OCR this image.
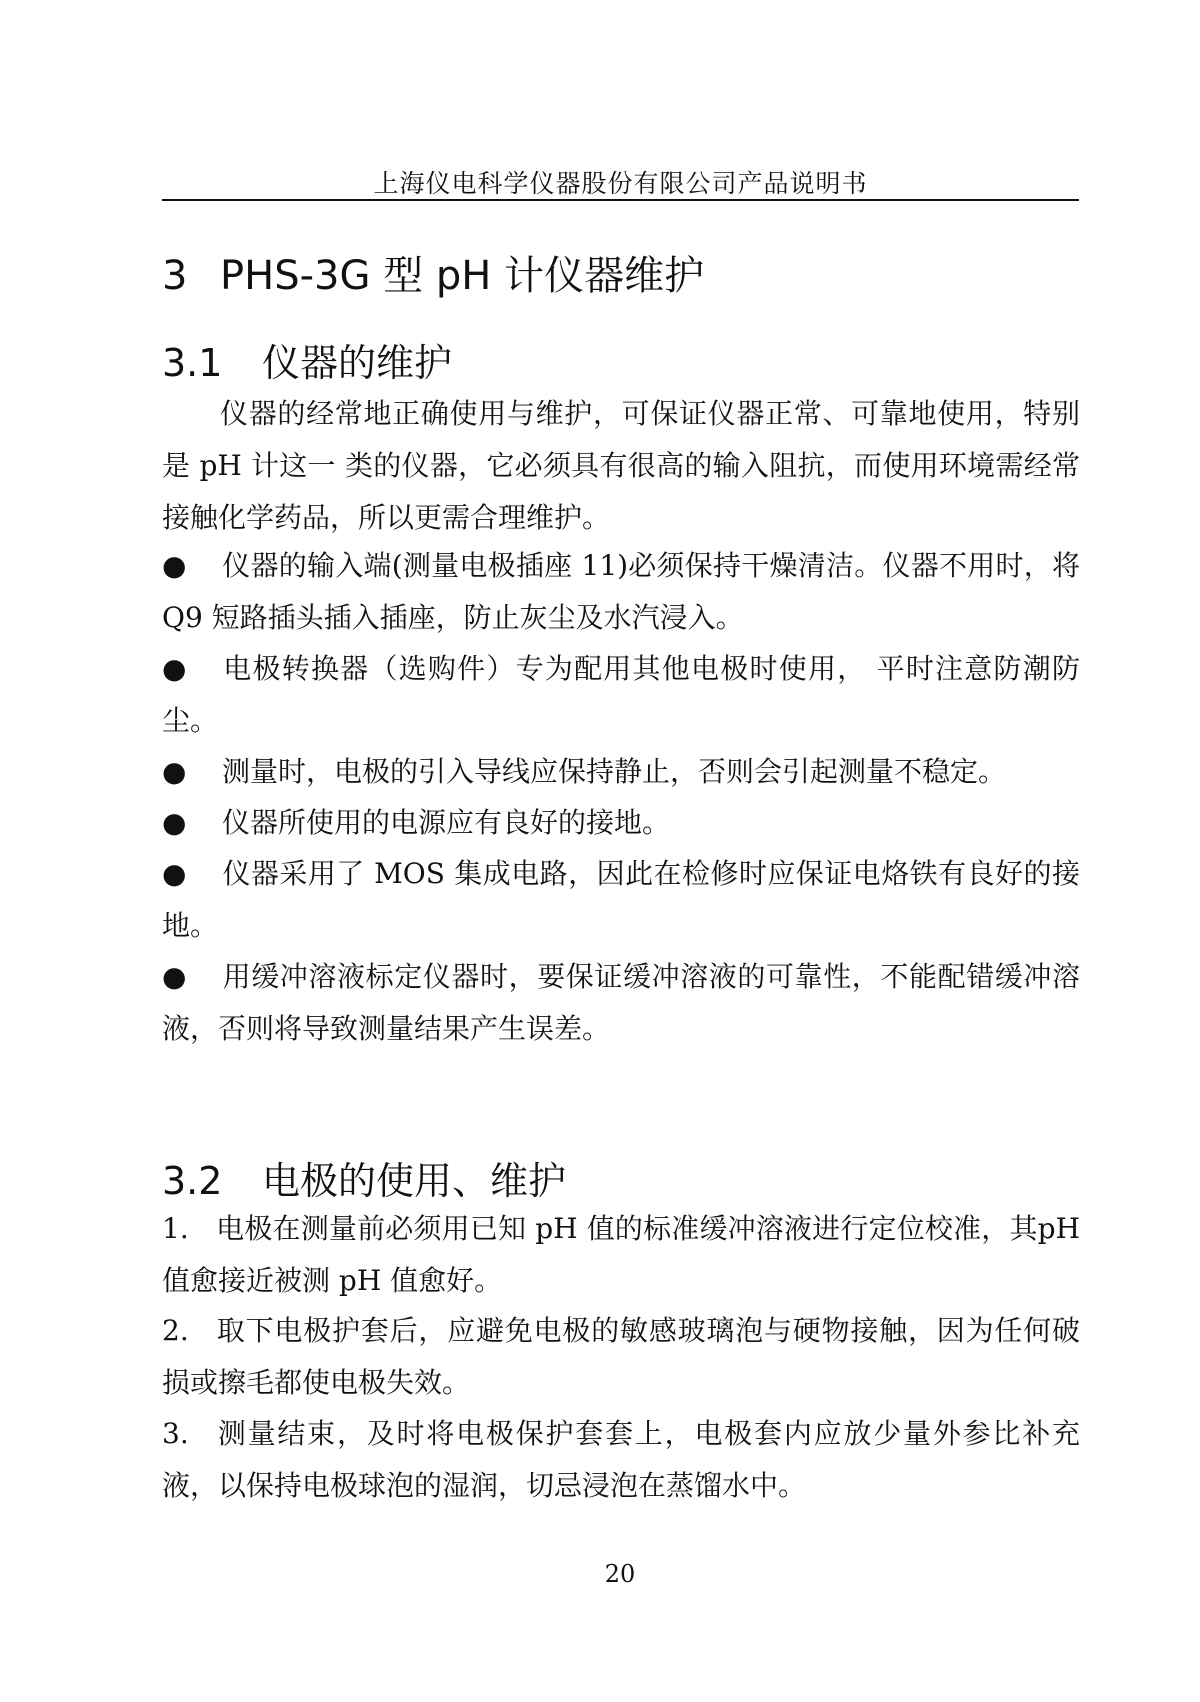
上海仪电科学仪器股份有限公司产品说明书
3 PHS-3G 型 pH 计仪器维护
3.1 仪器的维护
仪器的经常地正确使用与维护，可保证仪器正常、可靠地使用，特别是 pH 计这一 类的仪器，它必须具有很高的输入阻抗，而使用环境需经常接触化学药品，所以更需合理维护。
● 仪器的输入端(测量电极插座 11)必须保持干燥清洁。仪器不用时，将 Q9 短路插头插入插座，防止灰尘及水汽浸入。
● 电极转换器（选购件）专为配用其他电极时使用， 平时注意防潮防尘。
● 测量时，电极的引入导线应保持静止，否则会引起测量不稳定。
● 仪器所使用的电源应有良好的接地。
● 仪器采用了 MOS 集成电路，因此在检修时应保证电烙铁有良好的接地。
● 用缓冲溶液标定仪器时，要保证缓冲溶液的可靠性，不能配错缓冲溶液，否则将导致测量结果产生误差。
3.2 电极的使用、维护
1. 电极在测量前必须用已知 pH 值的标准缓冲溶液进行定位校准，其pH 值愈接近被测 pH 值愈好。
2. 取下电极护套后，应避免电极的敏感玻璃泡与硬物接触，因为任何破损或擦毛都使电极失效。
3. 测量结束，及时将电极保护套套上，电极套内应放少量外参比补充液，以保持电极球泡的湿润，切忌浸泡在蒸馏水中。
20
